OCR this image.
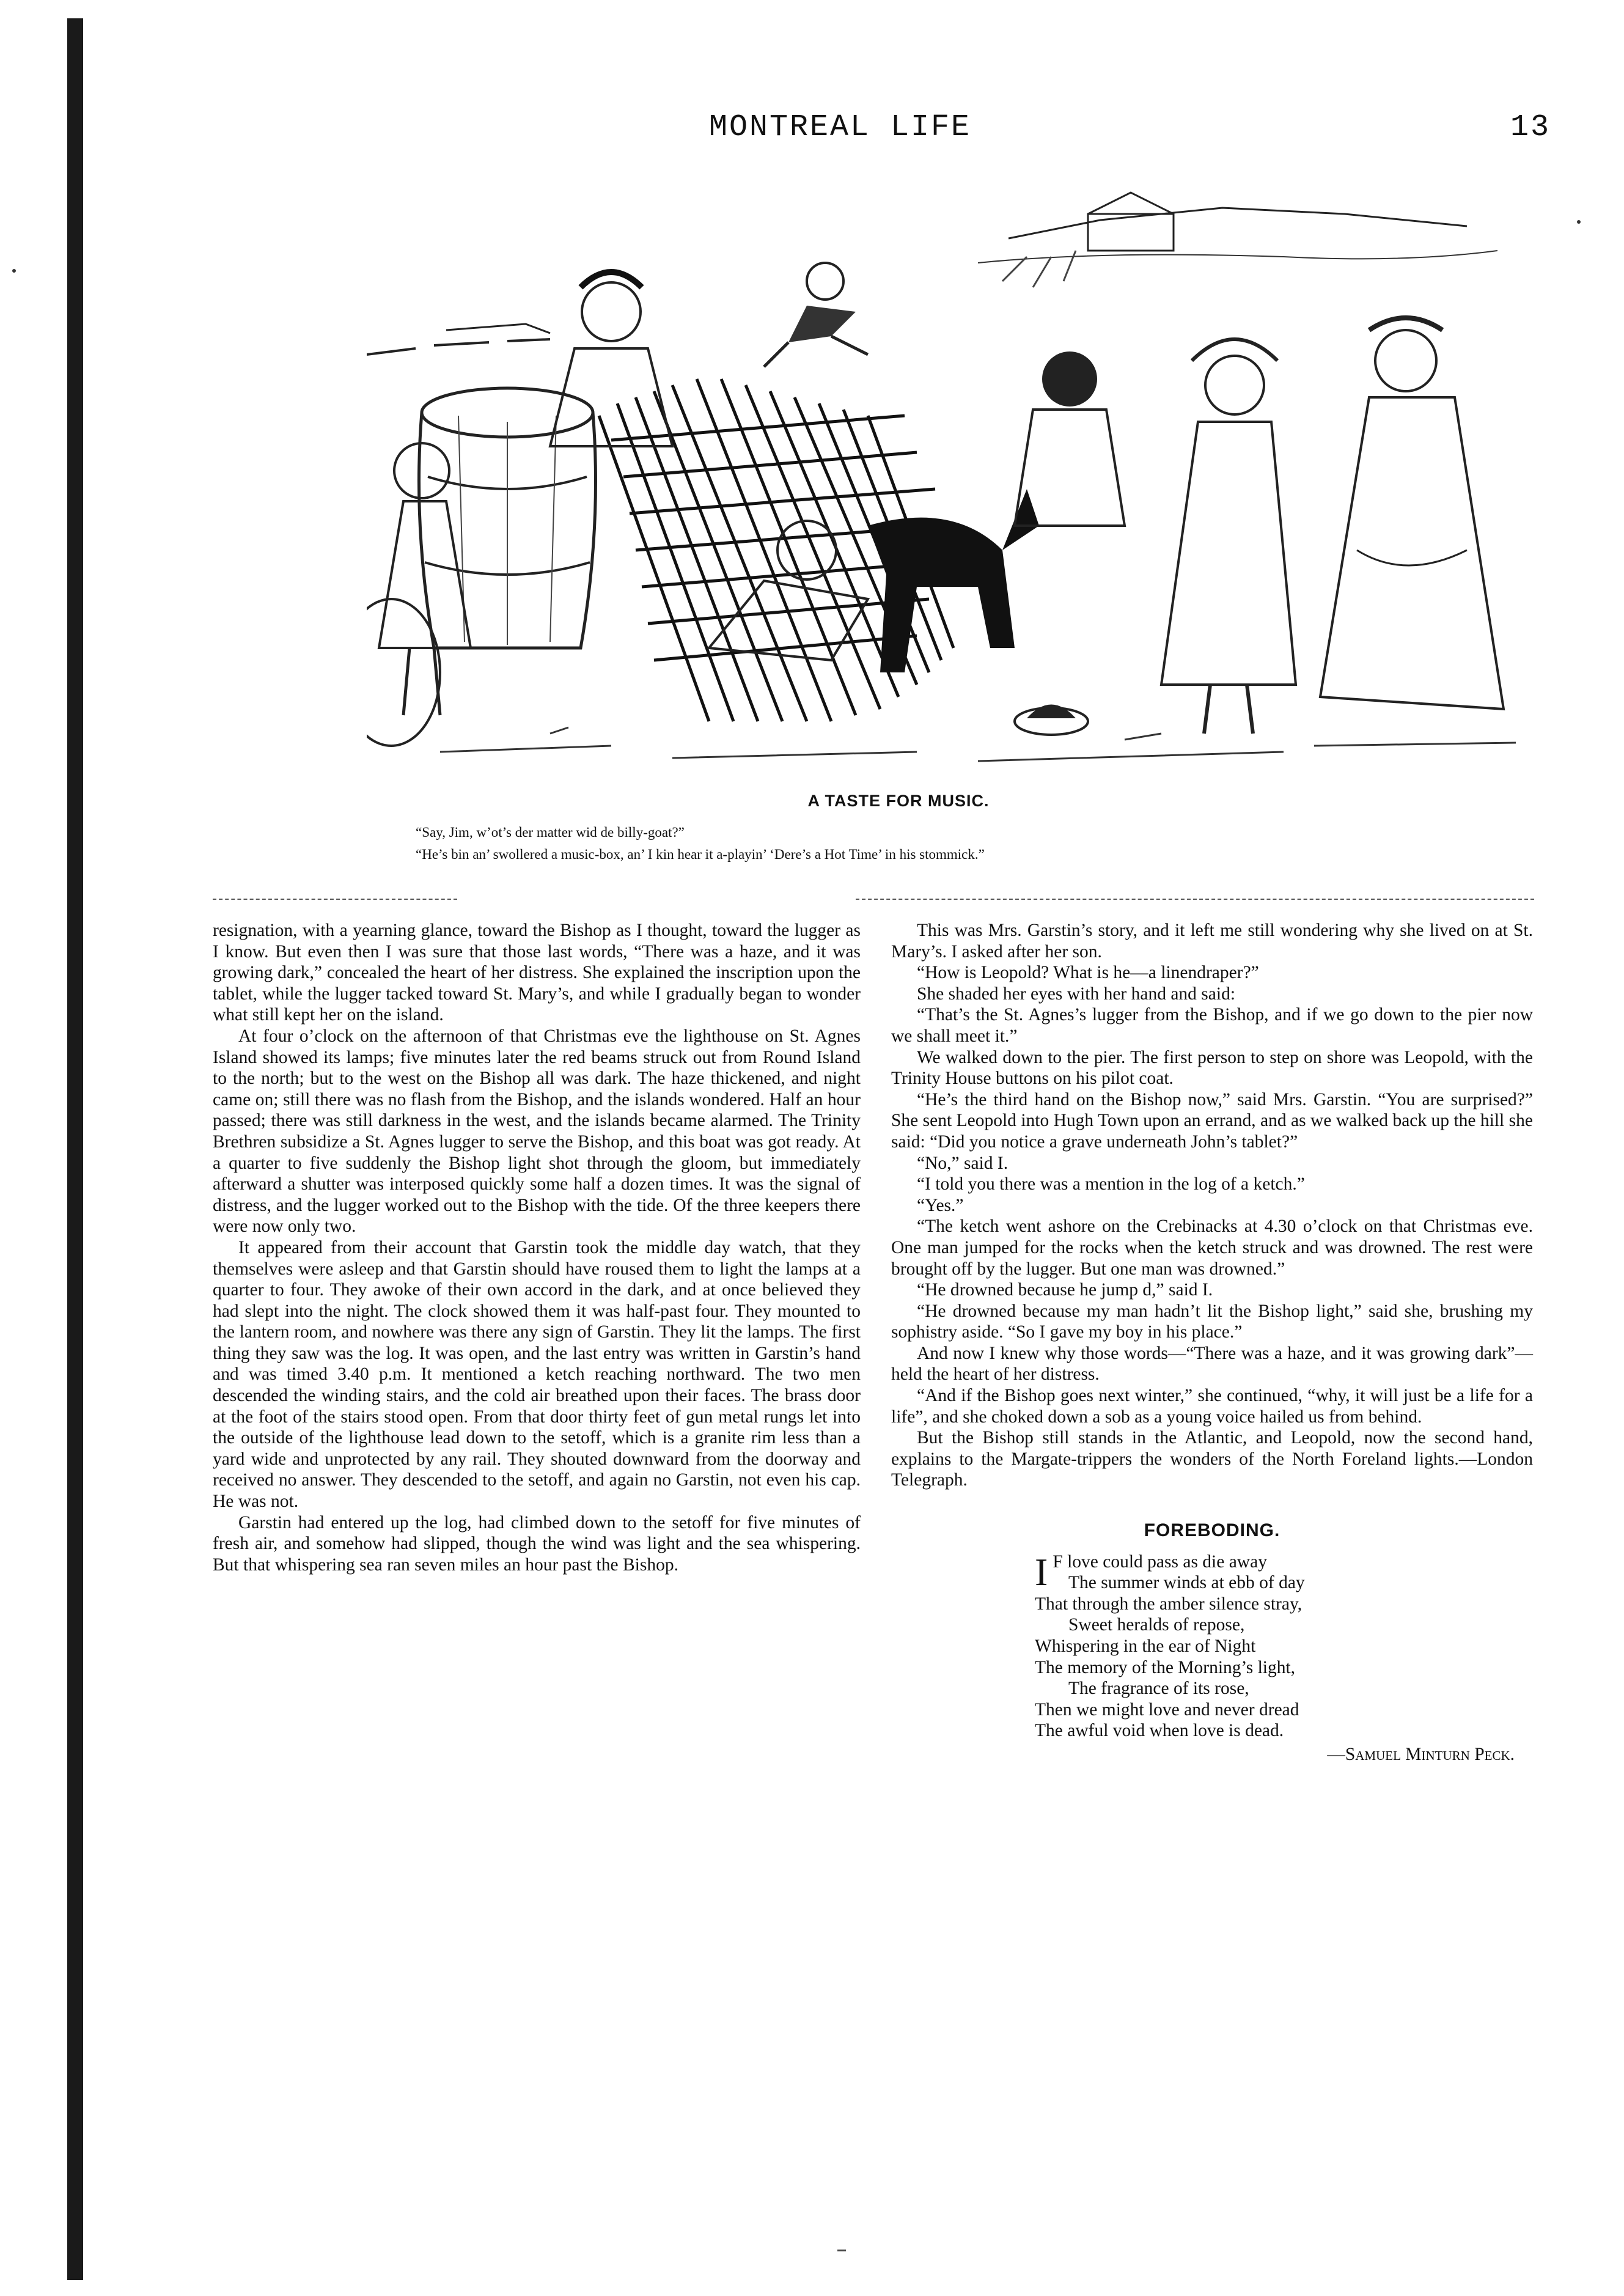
MONTREAL LIFE	13
A TASTE FOR MUSIC.
“Say, Jim, w’ot’s der matter wid de billy-goat?”
“He’s bin an’ swollered a music-box, an’ I kin hear it a-playin’ ‘Dere’s a Hot Time’ in his stommick.”

resignation, with a yearning glance, toward the Bishop as I thought, toward the lugger as I know. But even then I was sure that those last words, “There was a haze, and it was growing dark,” concealed the heart of her distress. She explained the inscription upon the tablet, while the lugger tacked toward St. Mary’s, and while I gradually began to wonder what still kept her on the island.

At four o’clock on the afternoon of that Christmas eve the lighthouse on St. Agnes Island showed its lamps; five minutes later the red beams struck out from Round Island to the north; but to the west on the Bishop all was dark. The haze thickened, and night came on; still there was no flash from the Bishop, and the islands wondered. Half an hour passed; there was still darkness in the west, and the islands became alarmed. The Trinity Brethren subsidize a St. Agnes lugger to serve the Bishop, and this boat was got ready. At a quarter to five suddenly the Bishop light shot through the gloom, but immediately afterward a shutter was interposed quickly some half a dozen times. It was the signal of distress, and the lugger worked out to the Bishop with the tide. Of the three keepers there were now only two.

It appeared from their account that Garstin took the middle day watch, that they themselves were asleep and that Garstin should have roused them to light the lamps at a quarter to four. They awoke of their own accord in the dark, and at once believed they had slept into the night. The clock showed them it was half-past four. They mounted to the lantern room, and nowhere was there any sign of Garstin. They lit the lamps. The first thing they saw was the log. It was open, and the last entry was written in Garstin’s hand and was timed 3.40 p.m. It mentioned a ketch reaching northward. The two men descended the winding stairs, and the cold air breathed upon their faces. The brass door at the foot of the stairs stood open. From that door thirty feet of gun metal rungs let into the outside of the lighthouse lead down to the setoff, which is a granite rim less than a yard wide and unprotected by any rail. They shouted downward from the doorway and received no answer. They descended to the setoff, and again no Garstin, not even his cap. He was not.

Garstin had entered up the log, had climbed down to the setoff for five minutes of fresh air, and somehow had slipped, though the wind was light and the sea whispering. But that whispering sea ran seven miles an hour past the Bishop.

This was Mrs. Garstin’s story, and it left me still wondering why she lived on at St. Mary’s. I asked after her son.

“How is Leopold? What is he—a linendraper?”

She shaded her eyes with her hand and said:

“That’s the St. Agnes’s lugger from the Bishop, and if we go down to the pier now we shall meet it.”

We walked down to the pier. The first person to step on shore was Leopold, with the Trinity House buttons on his pilot coat.

“He’s the third hand on the Bishop now,” said Mrs. Garstin. “You are surprised?” She sent Leopold into Hugh Town upon an errand, and as we walked back up the hill she said: “Did you notice a grave underneath John’s tablet?”

“No,” said I.

“I told you there was a mention in the log of a ketch.”

“Yes.”

“The ketch went ashore on the Crebinacks at 4.30 o’clock on that Christmas eve. One man jumped for the rocks when the ketch struck and was drowned. The rest were brought off by the lugger. But one man was drowned.”

“He drowned because he jump d,” said I.

“He drowned because my man hadn’t lit the Bishop light,” said she, brushing my sophistry aside. “So I gave my boy in his place.”

And now I knew why those words—“There was a haze, and it was growing dark”—held the heart of her distress.

“And if the Bishop goes next winter,” she continued, “why, it will just be a life for a life”, and she choked down a sob as a young voice hailed us from behind.

But the Bishop still stands in the Atlantic, and Leopold, now the second hand, explains to the Margate-trippers the wonders of the North Foreland lights.—London Telegraph.

FOREBODING.

I F love could pass as die away

The summer winds at ebb of day

That through the amber silence stray,

Sweet heralds of repose,

Whispering in the ear of Night

The memory of the Morning’s light,

The fragrance of its rose,

Then we might love and never dread

The awful void when love is dead.

—Samuel Minturn Peck.
